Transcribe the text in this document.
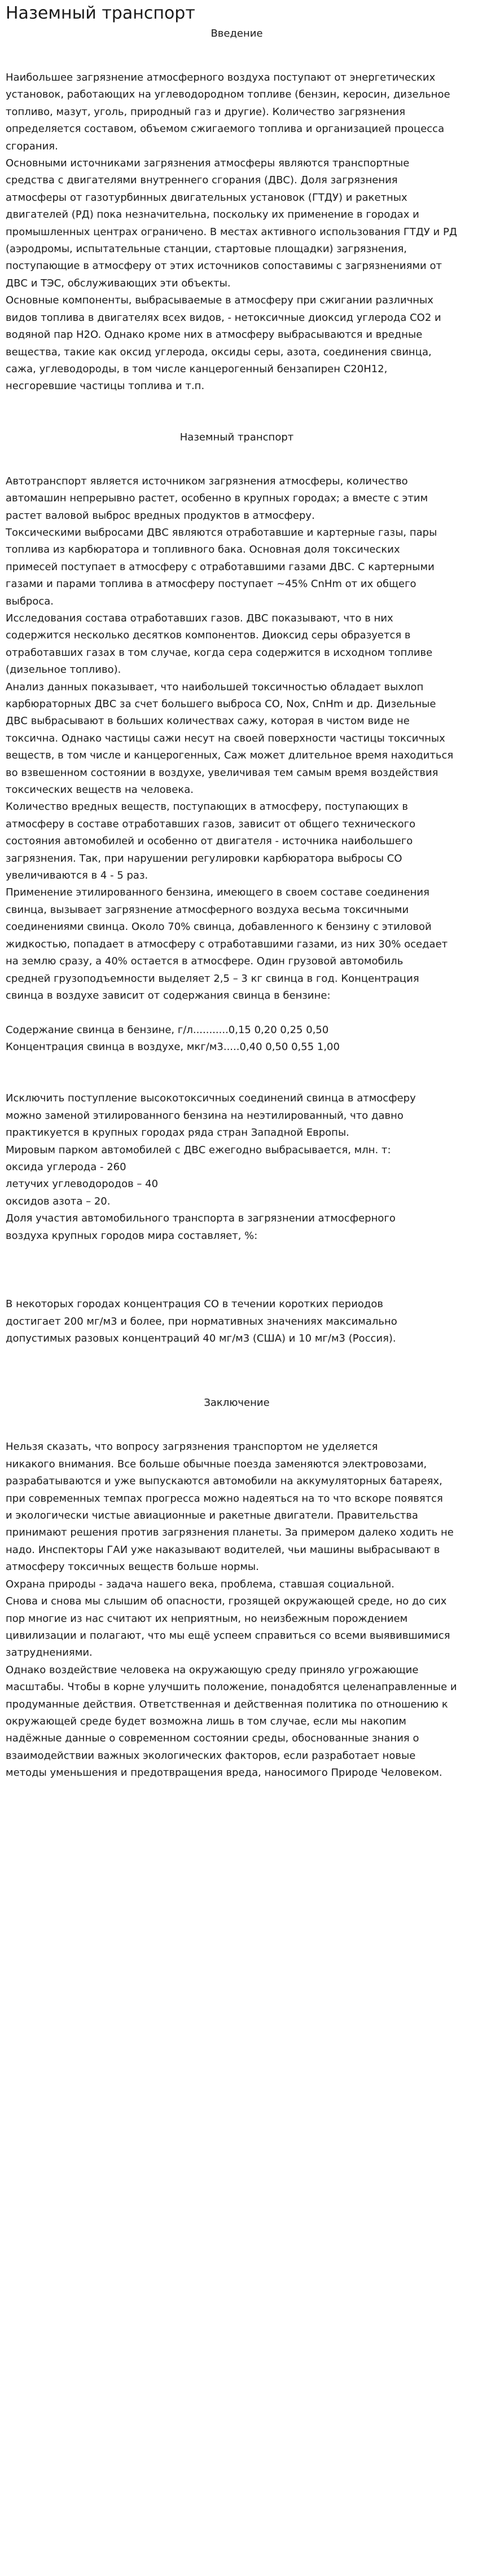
Наземный транспорт

Введение

Наибольшее загрязнение атмосферного воздуха поступают от энергетических

установок, работающих на углеводородном топливе (бензин, керосин, дизельное

топливо, мазут, уголь, природный газ и другие). Количество загрязнения определяется составом, объемом сжигаемого топлива и организацией процесса

сгорания.

Основными источниками загрязнения атмосферы являются транспортные

средства с двигателями внутреннего сгорания (ДВС). Доля загрязнения

атмосферы от газотурбинных двигательных установок (ГТДУ) и ракетных

двигателей (РД) пока незначительна, поскольку их применение в городах и

промышленных центрах ограничено. В местах активного использования ГТДУ и РД

(аэродромы, испытательные станции, стартовые площадки) загрязнения,

поступающие в атмосферу от этих источников сопоставимы с загрязнениями от

ДВС и ТЭС, обслуживающих эти объекты.

Основные компоненты, выбрасываемые в атмосферу при сжигании различных

видов топлива в двигателях всех видов, - нетоксичные диоксид углерода CO2 и

водяной пар H2O. Однако кроме них в атмосферу выбрасываются и вредные

вещества, такие как оксид углерода, оксиды серы, азота, соединения свинца,

сажа, углеводороды, в том числе канцерогенный бензапирен С20Н12,

несгоревшие частицы топлива и т.п.

Наземный транспорт

Автотранспорт является источником загрязнения атмосферы, количество

автомашин непрерывно растет, особенно в крупных городах; а вместе с этим

растет валовой выброс вредных продуктов в атмосферу.

Токсическими выбросами ДВС являются отработавшие и картерные газы, пары

топлива из карбюратора и топливного бака. Основная доля токсических

примесей поступает в атмосферу с отработавшими газами ДВС. С картерными

газами и парами топлива в атмосферу поступает ~45% CnHm от их общего

выброса.

Исследования состава отработавших газов. ДВС показывают, что в них

содержится несколько десятков компонентов. Диоксид серы образуется в

отработавших газах в том случае, когда сера содержится в исходном топливе

(дизельное топливо).

Анализ данных показывает, что наибольшей токсичностью обладает выхлоп

карбюраторных ДВС за счет большего выброса CO, Nox, CnHm и др. Дизельные

ДВС выбрасывают в больших количествах сажу, которая в чистом виде не

токсична. Однако частицы сажи несут на своей поверхности частицы токсичных

веществ, в том числе и канцерогенных, Саж может длительное время находиться

во взвешенном состоянии в воздухе, увеличивая тем самым время воздействия

токсических веществ на человека.

Количество вредных веществ, поступающих в атмосферу, поступающих в

атмосферу в составе отработавших газов, зависит от общего технического

состояния автомобилей и особенно от двигателя - источника наибольшего

загрязнения. Так, при нарушении регулировки карбюратора выбросы CO

увеличиваются в 4 - 5 раз.

Применение этилированного бензина, имеющего в своем составе соединения

свинца, вызывает загрязнение атмосферного воздуха весьма токсичными

соединениями свинца. Около 70% свинца, добавленного к бензину с этиловой

жидкостью, попадает в атмосферу с отработавшими газами, из них 30% оседает

на землю сразу, а 40% остается в атмосфере. Один грузовой автомобиль

средней грузоподъемности выделяет 2,5 – 3 кг свинца в год. Концентрация

свинца в воздухе зависит от содержания свинца в бензине:

Содержание свинца в бензине, г/л...........0,15 0,20 0,25 0,50

Концентрация свинца в воздухе, мкг/м3.....0,40 0,50 0,55 1,00

Исключить поступление высокотоксичных соединений свинца в атмосферу

можно заменой этилированного бензина на неэтилированный, что давно

практикуется в крупных городах ряда стран Западной Европы.

Мировым парком автомобилей с ДВС ежегодно выбрасывается, млн. т:

оксида углерода - 260

летучих углеводородов – 40

оксидов азота – 20.

Доля участия автомобильного транспорта в загрязнении атмосферного

воздуха крупных городов мира составляет, %:

В некоторых городах концентрация CO в течении коротких периодов

достигает 200 мг/м3 и более, при нормативных значениях максимально

допустимых разовых концентраций 40 мг/м3 (США) и 10 мг/м3 (Россия).

Заключение

Нельзя сказать, что вопросу загрязнения транспортом не уделяется

никакого внимания. Все больше обычные поезда заменяются электровозами,

разрабатываются и уже выпускаются автомобили на аккумуляторных батареях,

при современных темпах прогресса можно надеяться на то что вскоре появятся

и экологически чистые авиационные и ракетные двигатели. Правительства

принимают решения против загрязнения планеты. За примером далеко ходить не

надо. Инспекторы ГАИ уже наказывают водителей, чьи машины выбрасывают в

атмосферу токсичных веществ больше нормы.

Охрана природы - задача нашего века, проблема, ставшая социальной.

Снова и снова мы слышим об опасности, грозящей окружающей среде, но до сих

пор многие из нас считают их неприятным, но неизбежным порождением

цивилизации и полагают, что мы ещё успеем справиться со всеми выявившимися

затруднениями.

Однако воздействие человека на окружающую среду приняло угрожающие

масштабы. Чтобы в корне улучшить положение, понадобятся целенаправленные и

продуманные действия. Ответственная и действенная политика по отношению к

окружающей среде будет возможна лишь в том случае, если мы накопим

надёжные данные о современном состоянии среды, обоснованные знания о

взаимодействии важных экологических факторов, если разработает новые

методы уменьшения и предотвращения вреда, наносимого Природе Человеком.
